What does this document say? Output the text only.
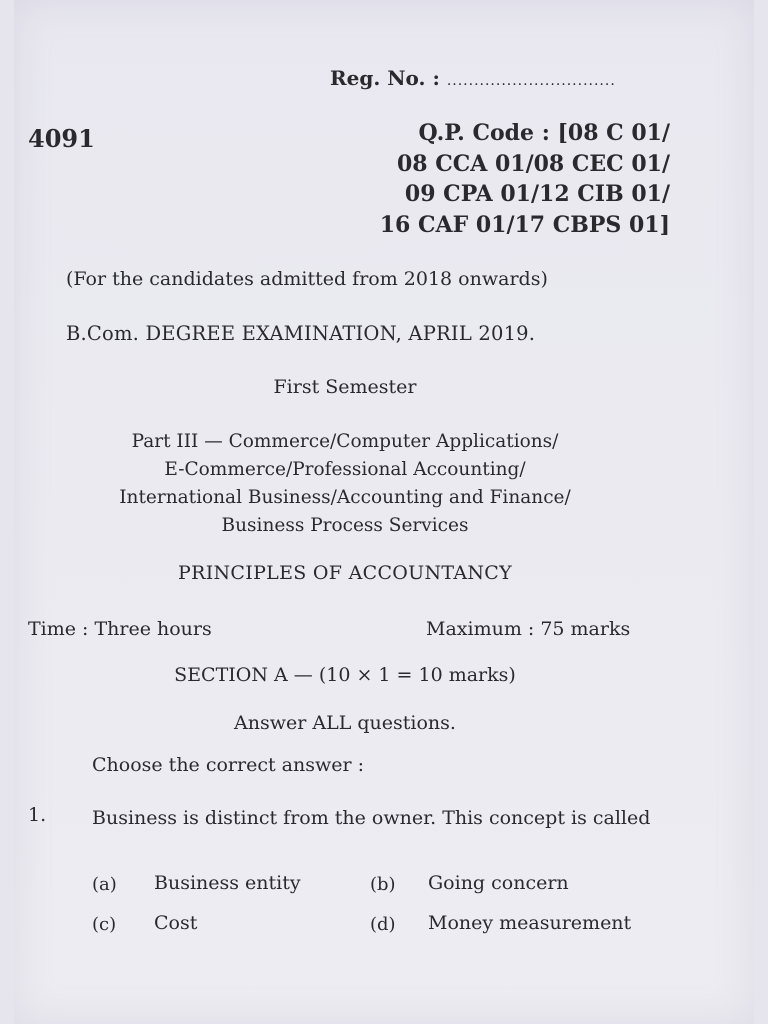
Reg. No. : ...............................
4091	Q.P. Code : [08 C 01/
08 CCA 01/08 CEC 01/
09 CPA 01/12 CIB 01/
16 CAF 01/17 CBPS 01]
(For the candidates admitted from 2018 onwards)
B.Com. DEGREE EXAMINATION, APRIL 2019.
First Semester
Part III — Commerce/Computer Applications/
E-Commerce/Professional Accounting/
International Business/Accounting and Finance/
Business Process Services
PRINCIPLES OF ACCOUNTANCY
Time : Three hours	Maximum : 75 marks
SECTION A — (10 × 1 = 10 marks)
Answer ALL questions.
Choose the correct answer :
1. Business is distinct from the owner. This concept is called
(a) Business entity	(b) Going concern
(c) Cost	(d) Money measurement
